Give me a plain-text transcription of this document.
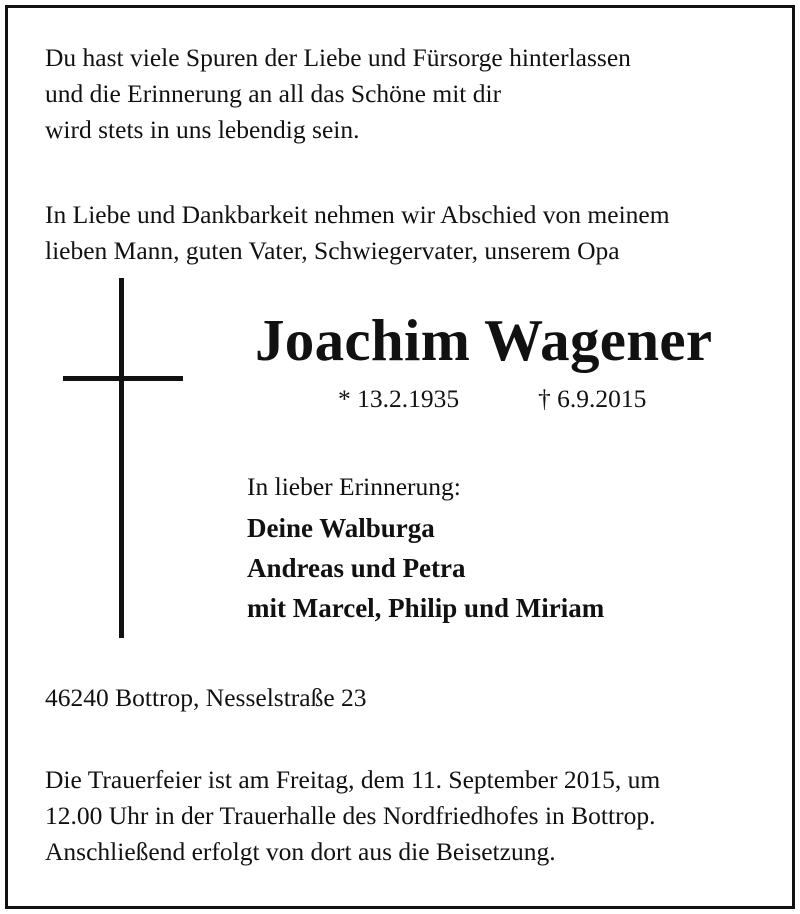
Du hast viele Spuren der Liebe und Fürsorge hinterlassen
und die Erinnerung an all das Schöne mit dir
wird stets in uns lebendig sein.

In Liebe und Dankbarkeit nehmen wir Abschied von meinem
lieben Mann, guten Vater, Schwiegervater, unserem Opa

Joachim Wagener
* 13.2.1935	† 6.9.2015
In lieber Erinnerung:
Deine Walburga
Andreas und Petra
mit Marcel, Philip und Miriam

46240 Bottrop, Nesselstraße 23

Die Trauerfeier ist am Freitag, dem 11. September 2015, um
12.00 Uhr in der Trauerhalle des Nordfriedhofes in Bottrop.
Anschließend erfolgt von dort aus die Beisetzung.
